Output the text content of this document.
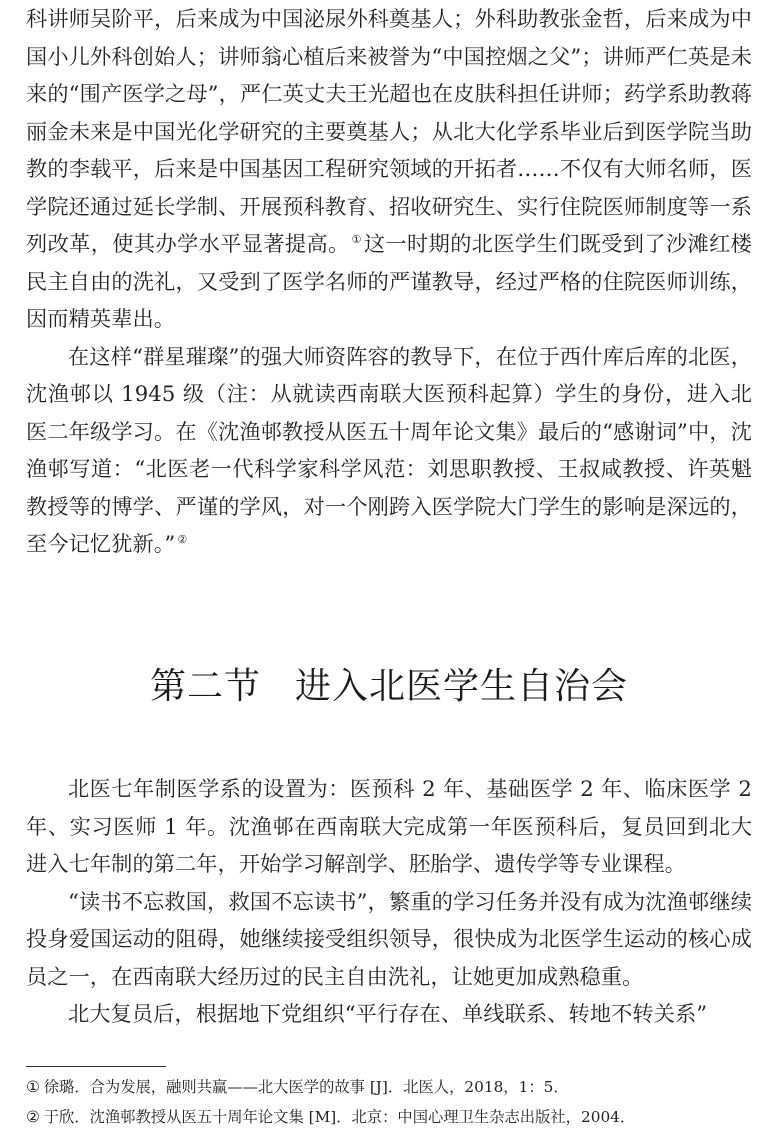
科讲师吴阶平，后来成为中国泌尿外科奠基人；外科助教张金哲，后来成为中国小儿外科创始人；讲师翁心植后来被誉为“中国控烟之父”；讲师严仁英是未来的“围产医学之母”，严仁英丈夫王光超也在皮肤科担任讲师；药学系助教蒋丽金未来是中国光化学研究的主要奠基人；从北大化学系毕业后到医学院当助教的李载平，后来是中国基因工程研究领域的开拓者……不仅有大师名师，医学院还通过延长学制、开展预科教育、招收研究生、实行住院医师制度等一系列改革，使其办学水平显著提高。 ①这一时期的北医学生们既受到了沙滩红楼民主自由的洗礼，又受到了医学名师的严谨教导，经过严格的住院医师训练，因而精英辈出。

在这样“群星璀璨”的强大师资阵容的教导下，在位于西什库后库的北医，沈渔邨以 1945 级（注：从就读西南联大医预科起算）学生的身份，进入北医二年级学习。在《沈渔邨教授从医五十周年论文集》最后的“感谢词”中，沈渔邨写道：“北医老一代科学家科学风范：刘思职教授、王叔咸教授、许英魁教授等的博学、严谨的学风，对一个刚跨入医学院大门学生的影响是深远的，至今记忆犹新。” ②

第二节 进入北医学生自治会

北医七年制医学系的设置为：医预科 2 年、基础医学 2 年、临床医学 2 年、实习医师 1 年。沈渔邨在西南联大完成第一年医预科后，复员回到北大进入七年制的第二年，开始学习解剖学、胚胎学、遗传学等专业课程。

“读书不忘救国，救国不忘读书”，繁重的学习任务并没有成为沈渔邨继续投身爱国运动的阻碍，她继续接受组织领导，很快成为北医学生运动的核心成员之一，在西南联大经历过的民主自由洗礼，让她更加成熟稳重。

北大复员后，根据地下党组织“平行存在、单线联系、转地不转关系”

① 徐璐．合为发展，融则共赢——北大医学的故事 [J]．北医人，2018，1：5．

② 于欣．沈渔邨教授从医五十周年论文集 [M]．北京：中国心理卫生杂志出版社，2004．
